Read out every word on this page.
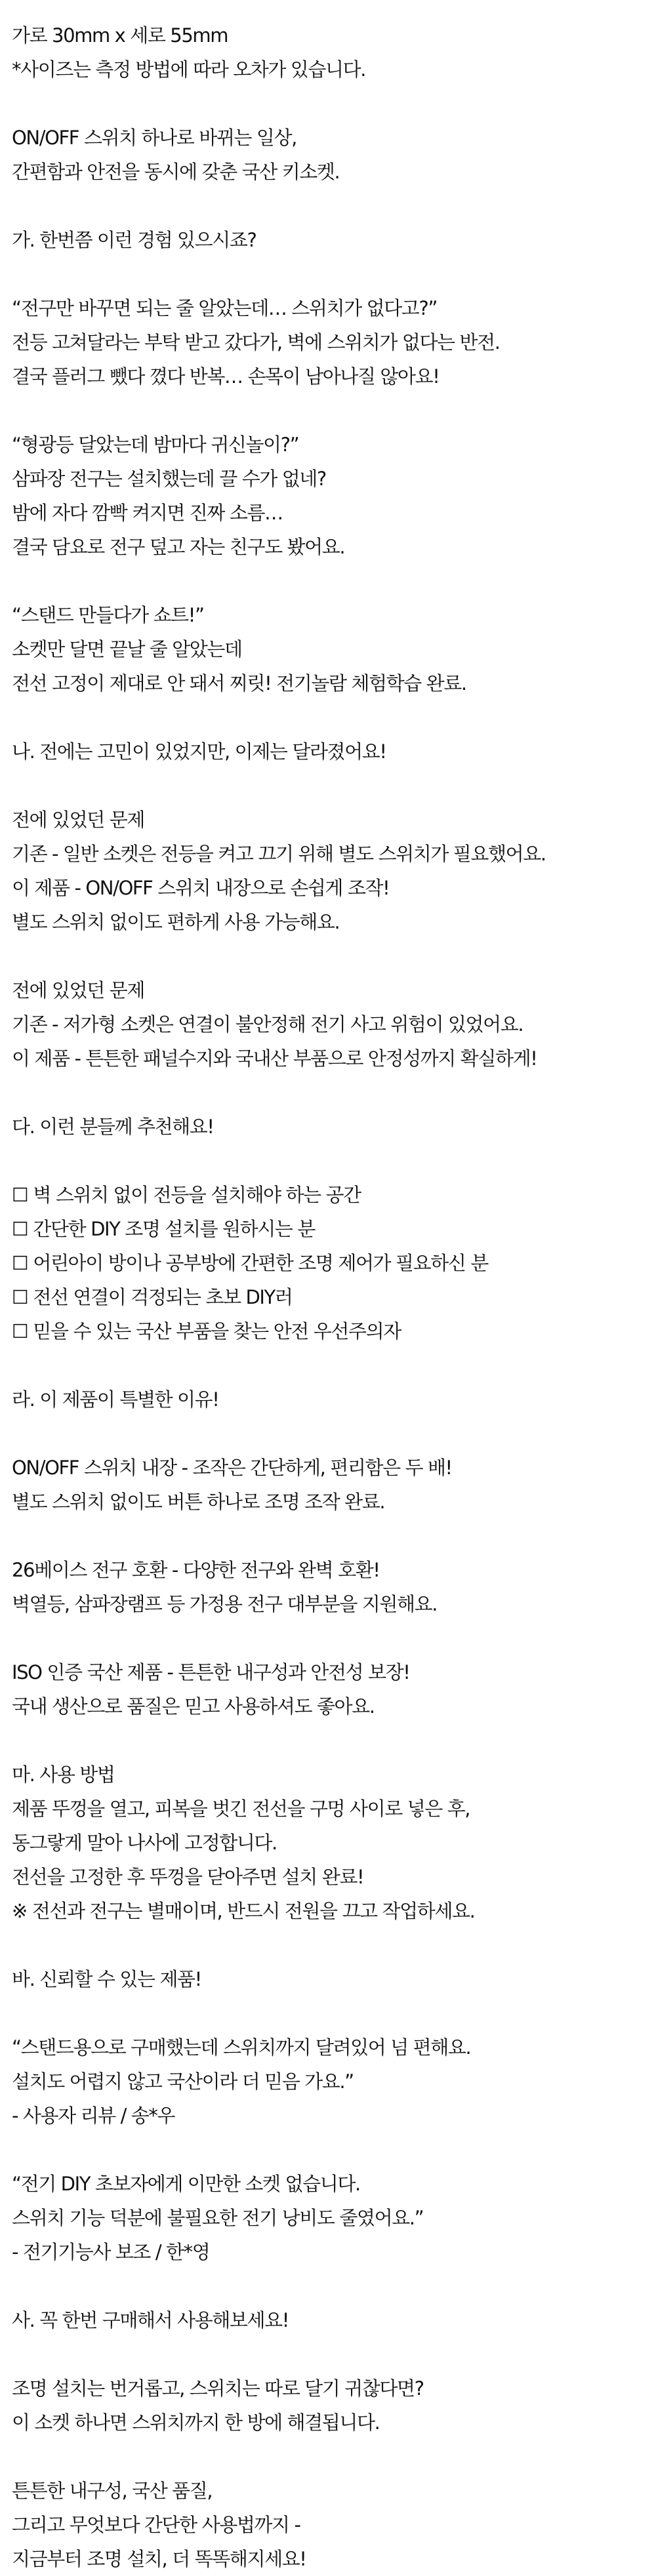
가로 30mm x 세로 55mm
*사이즈는 측정 방법에 따라 오차가 있습니다.
ON/OFF 스위치 하나로 바뀌는 일상,
간편함과 안전을 동시에 갖춘 국산 키소켓.
가. 한번쯤 이런 경험 있으시죠?
“전구만 바꾸면 되는 줄 알았는데… 스위치가 없다고?”
전등 고쳐달라는 부탁 받고 갔다가, 벽에 스위치가 없다는 반전.
결국 플러그 뺐다 꼈다 반복… 손목이 남아나질 않아요!
“형광등 달았는데 밤마다 귀신놀이?”
삼파장 전구는 설치했는데 끌 수가 없네?
밤에 자다 깜빡 켜지면 진짜 소름…
결국 담요로 전구 덮고 자는 친구도 봤어요.
“스탠드 만들다가 쇼트!”
소켓만 달면 끝날 줄 알았는데
전선 고정이 제대로 안 돼서 찌릿! 전기놀람 체험학습 완료.
나. 전에는 고민이 있었지만, 이제는 달라졌어요!
전에 있었던 문제
기존 - 일반 소켓은 전등을 켜고 끄기 위해 별도 스위치가 필요했어요.
이 제품 - ON/OFF 스위치 내장으로 손쉽게 조작!
별도 스위치 없이도 편하게 사용 가능해요.
전에 있었던 문제
기존 - 저가형 소켓은 연결이 불안정해 전기 사고 위험이 있었어요.
이 제품 - 튼튼한 패널수지와 국내산 부품으로 안정성까지 확실하게!
다. 이런 분들께 추천해요!
☐ 벽 스위치 없이 전등을 설치해야 하는 공간
☐ 간단한 DIY 조명 설치를 원하시는 분
☐ 어린아이 방이나 공부방에 간편한 조명 제어가 필요하신 분
☐ 전선 연결이 걱정되는 초보 DIY러
☐ 믿을 수 있는 국산 부품을 찾는 안전 우선주의자
라. 이 제품이 특별한 이유!
ON/OFF 스위치 내장 - 조작은 간단하게, 편리함은 두 배!
별도 스위치 없이도 버튼 하나로 조명 조작 완료.
26베이스 전구 호환 - 다양한 전구와 완벽 호환!
벽열등, 삼파장램프 등 가정용 전구 대부분을 지원해요.
ISO 인증 국산 제품 - 튼튼한 내구성과 안전성 보장!
국내 생산으로 품질은 믿고 사용하셔도 좋아요.
마. 사용 방법
제품 뚜껑을 열고, 피복을 벗긴 전선을 구멍 사이로 넣은 후,
동그랗게 말아 나사에 고정합니다.
전선을 고정한 후 뚜껑을 닫아주면 설치 완료!
※ 전선과 전구는 별매이며, 반드시 전원을 끄고 작업하세요.
바. 신뢰할 수 있는 제품!
“스탠드용으로 구매했는데 스위치까지 달려있어 넘 편해요.
설치도 어렵지 않고 국산이라 더 믿음 가요.”
- 사용자 리뷰 / 송*우
“전기 DIY 초보자에게 이만한 소켓 없습니다.
스위치 기능 덕분에 불필요한 전기 낭비도 줄였어요.”
- 전기기능사 보조 / 한*영
사. 꼭 한번 구매해서 사용해보세요!
조명 설치는 번거롭고, 스위치는 따로 달기 귀찮다면?
이 소켓 하나면 스위치까지 한 방에 해결됩니다.
튼튼한 내구성, 국산 품질,
그리고 무엇보다 간단한 사용법까지 -
지금부터 조명 설치, 더 똑똑해지세요!
